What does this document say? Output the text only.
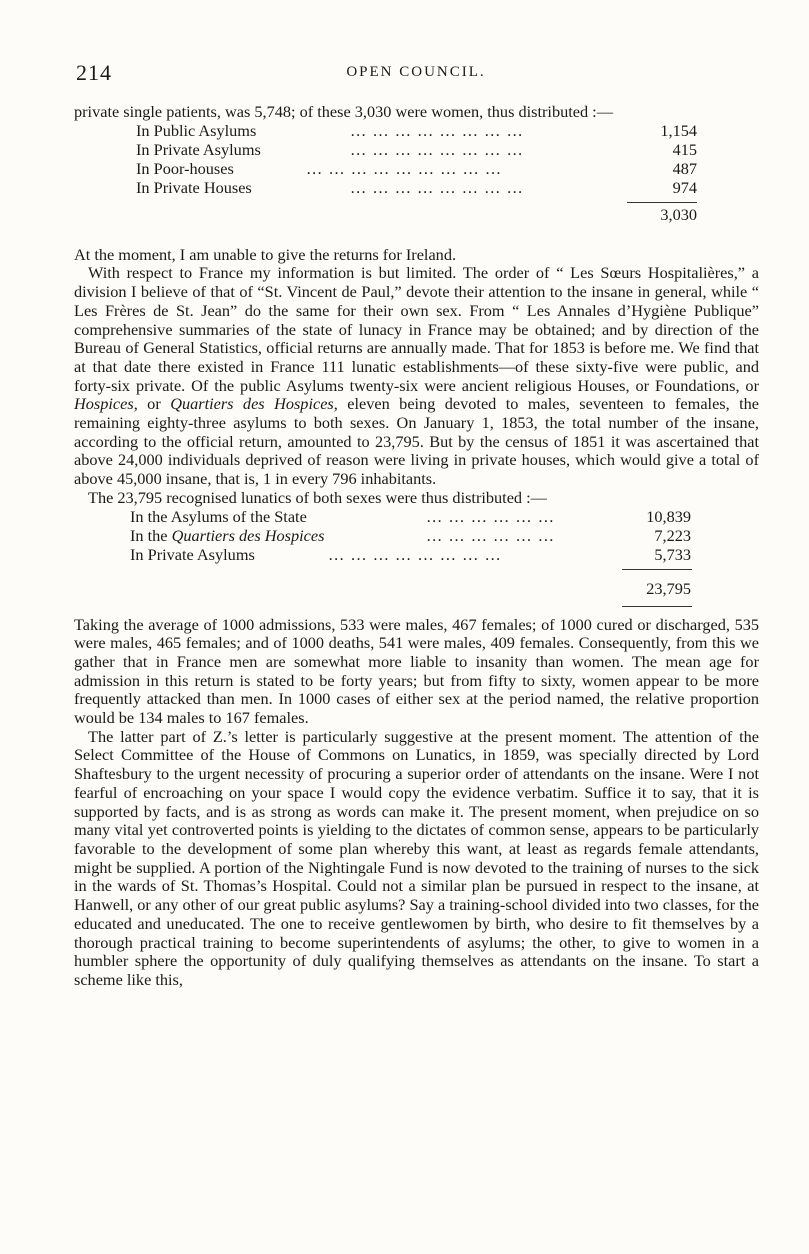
214	OPEN COUNCIL.

private single patients, was 5,748; of these 3,030 were women, thus distributed :—

In Public Asylums	… … … … … … … …	1,154
In Private Asylums	… … … … … … … …	415
In Poor-houses	… … … … … … … … …	487
In Private Houses	… … … … … … … …	974
3,030

At the moment, I am unable to give the returns for Ireland.

With respect to France my information is but limited. The order of “ Les Sœurs Hospitalières,” a division I believe of that of “St. Vincent de Paul,” devote their attention to the insane in general, while “ Les Frères de St. Jean” do the same for their own sex. From “ Les Annales d’Hygiène Publique” comprehensive summaries of the state of lunacy in France may be obtained; and by direction of the Bureau of General Statistics, official returns are annually made. That for 1853 is before me. We find that at that date there existed in France 111 lunatic establishments—of these sixty-five were public, and forty-six private. Of the public Asylums twenty-six were ancient religious Houses, or Foundations, or Hospices, or Quartiers des Hospices, eleven being devoted to males, seventeen to females, the remaining eighty-three asylums to both sexes. On January 1, 1853, the total number of the insane, according to the official return, amounted to 23,795. But by the census of 1851 it was ascertained that above 24,000 individuals deprived of reason were living in private houses, which would give a total of above 45,000 insane, that is, 1 in every 796 inhabitants.

The 23,795 recognised lunatics of both sexes were thus distributed :—

In the Asylums of the State	… … … … … …	10,839
In the Quartiers des Hospices	… … … … … …	7,223
In Private Asylums	… … … … … … … …	5,733
23,795

Taking the average of 1000 admissions, 533 were males, 467 females; of 1000 cured or discharged, 535 were males, 465 females; and of 1000 deaths, 541 were males, 409 females. Consequently, from this we gather that in France men are somewhat more liable to insanity than women. The mean age for admission in this return is stated to be forty years; but from fifty to sixty, women appear to be more frequently attacked than men. In 1000 cases of either sex at the period named, the relative proportion would be 134 males to 167 females.

The latter part of Z.’s letter is particularly suggestive at the present moment. The attention of the Select Committee of the House of Commons on Lunatics, in 1859, was specially directed by Lord Shaftesbury to the urgent necessity of procuring a superior order of attendants on the insane. Were I not fearful of encroaching on your space I would copy the evidence verbatim. Suffice it to say, that it is supported by facts, and is as strong as words can make it. The present moment, when prejudice on so many vital yet controverted points is yielding to the dictates of common sense, appears to be particularly favorable to the development of some plan whereby this want, at least as regards female attendants, might be supplied. A portion of the Nightingale Fund is now devoted to the training of nurses to the sick in the wards of St. Thomas’s Hospital. Could not a similar plan be pursued in respect to the insane, at Hanwell, or any other of our great public asylums? Say a training-school divided into two classes, for the educated and uneducated. The one to receive gentlewomen by birth, who desire to fit themselves by a thorough practical training to become superintendents of asylums; the other, to give to women in a humbler sphere the opportunity of duly qualifying themselves as attendants on the insane. To start a scheme like this,
